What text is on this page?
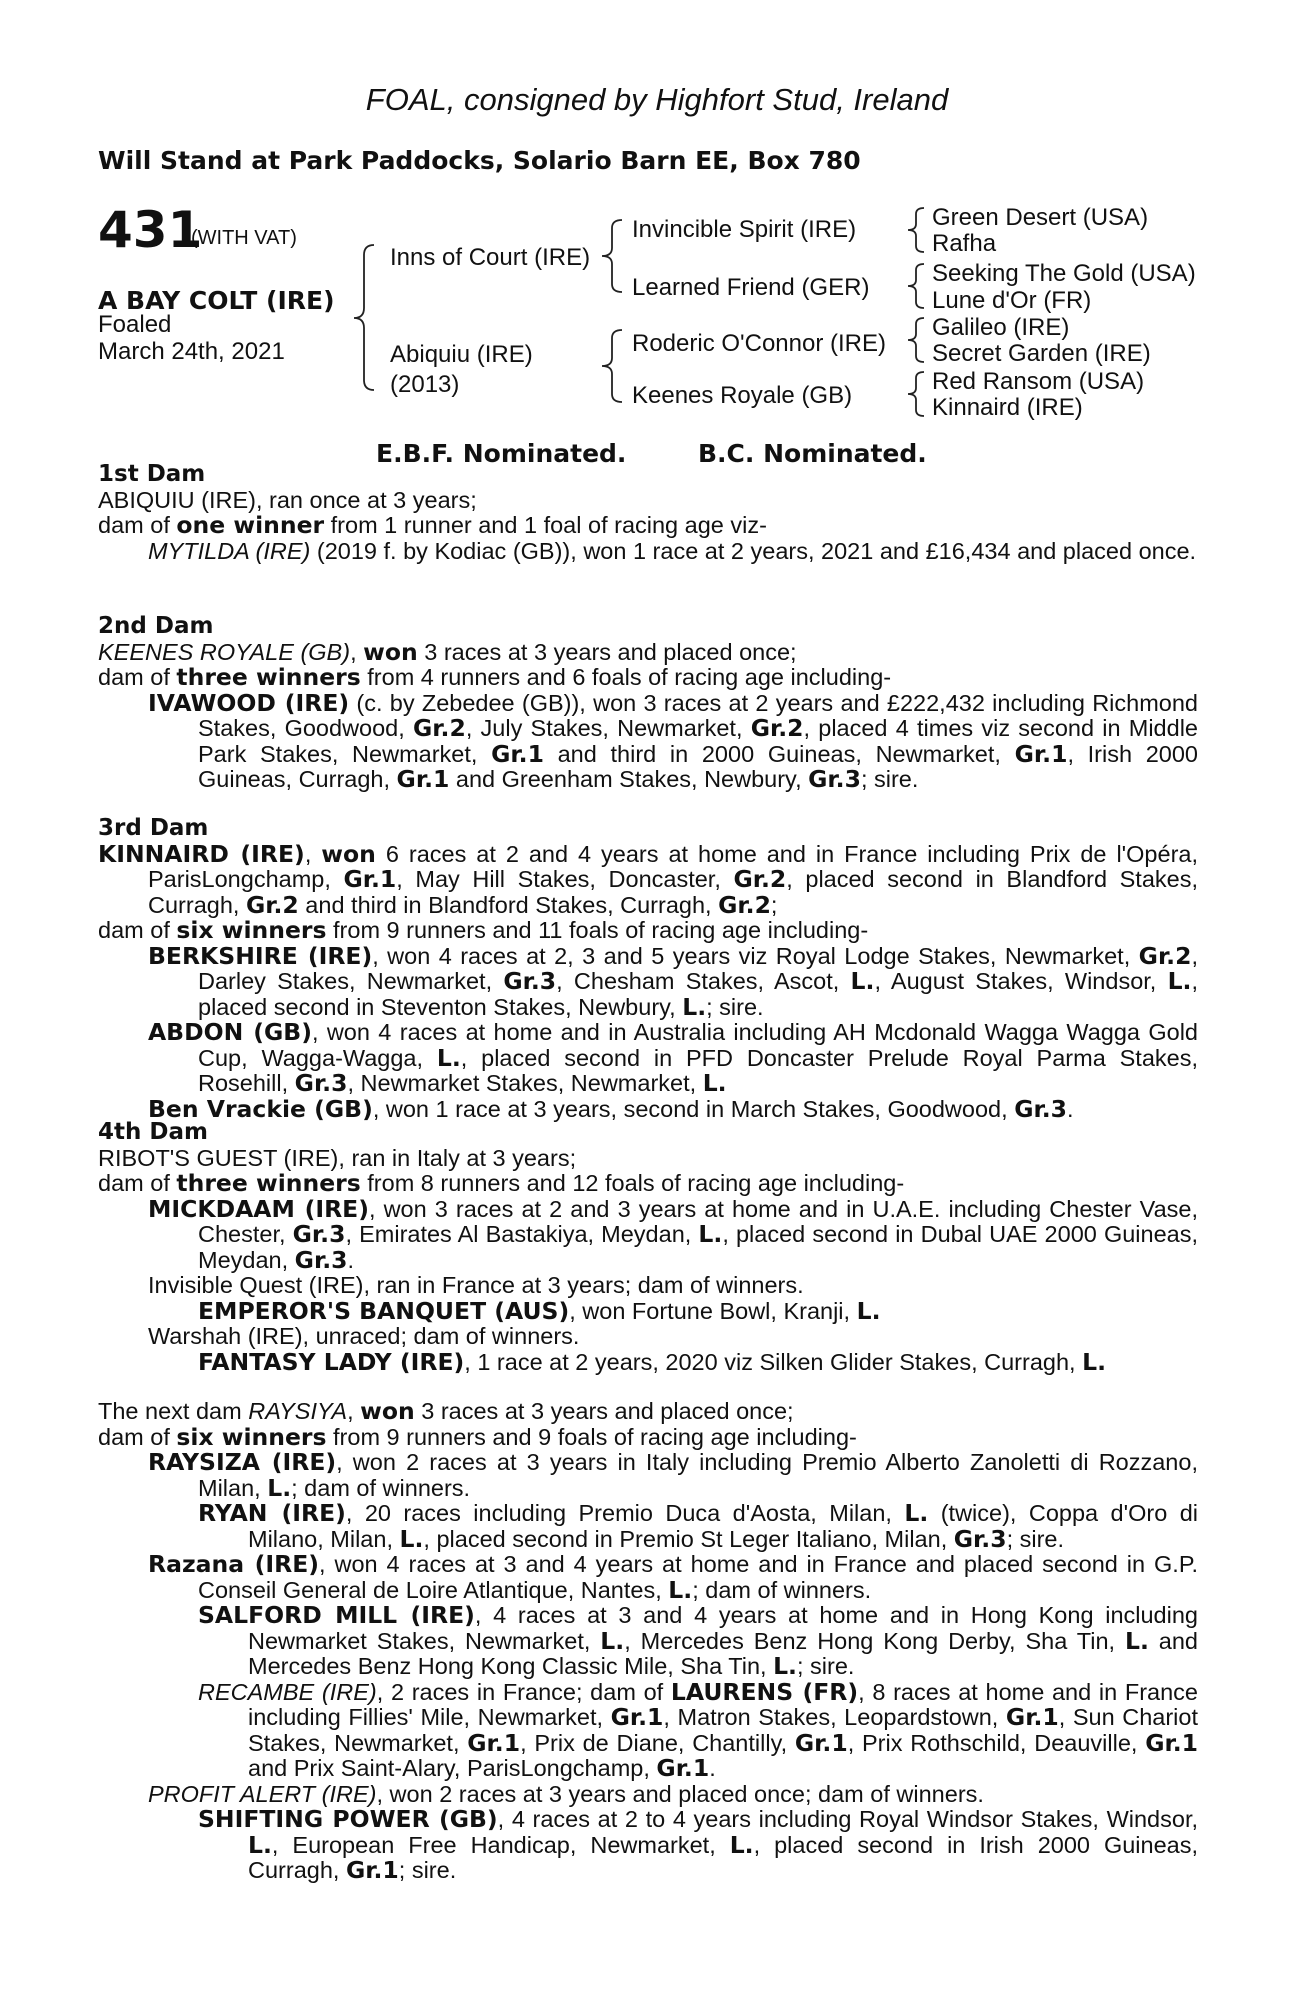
FOAL, consigned by Highfort Stud, Ireland
Will Stand at Park Paddocks, Solario Barn EE, Box 780
431
(WITH VAT)
A BAY COLT (IRE)
Foaled
March 24th, 2021
Inns of Court (IRE)
Abiquiu (IRE)
(2013)
Invincible Spirit (IRE)
Learned Friend (GER)
Roderic O'Connor (IRE)
Keenes Royale (GB)
Green Desert (USA)
Rafha
Seeking The Gold (USA)
Lune d'Or (FR)
Galileo (IRE)
Secret Garden (IRE)
Red Ransom (USA)
Kinnaird (IRE)
E.B.F. Nominated.	B.C. Nominated.

1st Dam

ABIQUIU (IRE), ran once at 3 years;

dam of one winner from 1 runner and 1 foal of racing age viz-

MYTILDA (IRE) (2019 f. by Kodiac (GB)), won 1 race at 2 years, 2021 and £16,434 and placed once.

2nd Dam

KEENES ROYALE (GB), won 3 races at 3 years and placed once;

dam of three winners from 4 runners and 6 foals of racing age including-

IVAWOOD (IRE) (c. by Zebedee (GB)), won 3 races at 2 years and £222,432 including Richmond Stakes, Goodwood, Gr.2, July Stakes, Newmarket, Gr.2, placed 4 times viz second in Middle Park Stakes, Newmarket, Gr.1 and third in 2000 Guineas, Newmarket, Gr.1, Irish 2000 Guineas, Curragh, Gr.1 and Greenham Stakes, Newbury, Gr.3; sire.

3rd Dam

KINNAIRD (IRE), won 6 races at 2 and 4 years at home and in France including Prix de l'Opéra, ParisLongchamp, Gr.1, May Hill Stakes, Doncaster, Gr.2, placed second in Blandford Stakes, Curragh, Gr.2 and third in Blandford Stakes, Curragh, Gr.2;

dam of six winners from 9 runners and 11 foals of racing age including-

BERKSHIRE (IRE), won 4 races at 2, 3 and 5 years viz Royal Lodge Stakes, Newmarket, Gr.2, Darley Stakes, Newmarket, Gr.3, Chesham Stakes, Ascot, L., August Stakes, Windsor, L., placed second in Steventon Stakes, Newbury, L.; sire.

ABDON (GB), won 4 races at home and in Australia including AH Mcdonald Wagga Wagga Gold Cup, Wagga-Wagga, L., placed second in PFD Doncaster Prelude Royal Parma Stakes, Rosehill, Gr.3, Newmarket Stakes, Newmarket, L.

Ben Vrackie (GB), won 1 race at 3 years, second in March Stakes, Goodwood, Gr.3.

4th Dam

RIBOT'S GUEST (IRE), ran in Italy at 3 years;

dam of three winners from 8 runners and 12 foals of racing age including-

MICKDAAM (IRE), won 3 races at 2 and 3 years at home and in U.A.E. including Chester Vase, Chester, Gr.3, Emirates Al Bastakiya, Meydan, L., placed second in Dubal UAE 2000 Guineas, Meydan, Gr.3.

Invisible Quest (IRE), ran in France at 3 years; dam of winners.

EMPEROR'S BANQUET (AUS), won Fortune Bowl, Kranji, L.

Warshah (IRE), unraced; dam of winners.

FANTASY LADY (IRE), 1 race at 2 years, 2020 viz Silken Glider Stakes, Curragh, L.

The next dam RAYSIYA, won 3 races at 3 years and placed once;

dam of six winners from 9 runners and 9 foals of racing age including-

RAYSIZA (IRE), won 2 races at 3 years in Italy including Premio Alberto Zanoletti di Rozzano, Milan, L.; dam of winners.

RYAN (IRE), 20 races including Premio Duca d'Aosta, Milan, L. (twice), Coppa d'Oro di Milano, Milan, L., placed second in Premio St Leger Italiano, Milan, Gr.3; sire.

Razana (IRE), won 4 races at 3 and 4 years at home and in France and placed second in G.P. Conseil General de Loire Atlantique, Nantes, L.; dam of winners.

SALFORD MILL (IRE), 4 races at 3 and 4 years at home and in Hong Kong including Newmarket Stakes, Newmarket, L., Mercedes Benz Hong Kong Derby, Sha Tin, L. and Mercedes Benz Hong Kong Classic Mile, Sha Tin, L.; sire.

RECAMBE (IRE), 2 races in France; dam of LAURENS (FR), 8 races at home and in France including Fillies' Mile, Newmarket, Gr.1, Matron Stakes, Leopardstown, Gr.1, Sun Chariot Stakes, Newmarket, Gr.1, Prix de Diane, Chantilly, Gr.1, Prix Rothschild, Deauville, Gr.1 and Prix Saint-Alary, ParisLongchamp, Gr.1.

PROFIT ALERT (IRE), won 2 races at 3 years and placed once; dam of winners.

SHIFTING POWER (GB), 4 races at 2 to 4 years including Royal Windsor Stakes, Windsor, L., European Free Handicap, Newmarket, L., placed second in Irish 2000 Guineas, Curragh, Gr.1; sire.
